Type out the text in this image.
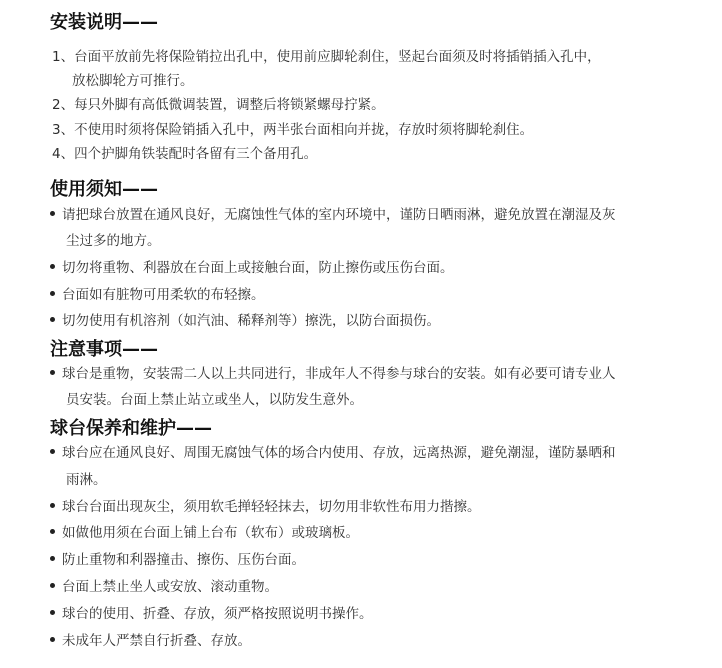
安装说明——
1、台面平放前先将保险销拉出孔中，使用前应脚轮刹住，竖起台面须及时将插销插入孔中，
放松脚轮方可推行。
2、每只外脚有高低微调装置，调整后将锁紧螺母拧紧。
3、不使用时须将保险销插入孔中，两半张台面相向并拢，存放时须将脚轮刹住。
4、四个护脚角铁装配时各留有三个备用孔。
使用须知——
请把球台放置在通风良好，无腐蚀性气体的室内环境中，谨防日晒雨淋，避免放置在潮湿及灰
尘过多的地方。
切勿将重物、利器放在台面上或接触台面，防止擦伤或压伤台面。
台面如有脏物可用柔软的布轻擦。
切勿使用有机溶剂（如汽油、稀释剂等）擦洗，以防台面损伤。
注意事项——
球台是重物，安装需二人以上共同进行，非成年人不得参与球台的安装。如有必要可请专业人
员安装。台面上禁止站立或坐人，以防发生意外。
球台保养和维护——
球台应在通风良好、周围无腐蚀气体的场合内使用、存放，远离热源，避免潮湿，谨防暴晒和
雨淋。
球台台面出现灰尘，须用软毛掸轻轻抹去，切勿用非软性布用力揩擦。
如做他用须在台面上铺上台布（软布）或玻璃板。
防止重物和利器撞击、擦伤、压伤台面。
台面上禁止坐人或安放、滚动重物。
球台的使用、折叠、存放，须严格按照说明书操作。
未成年人严禁自行折叠、存放。
